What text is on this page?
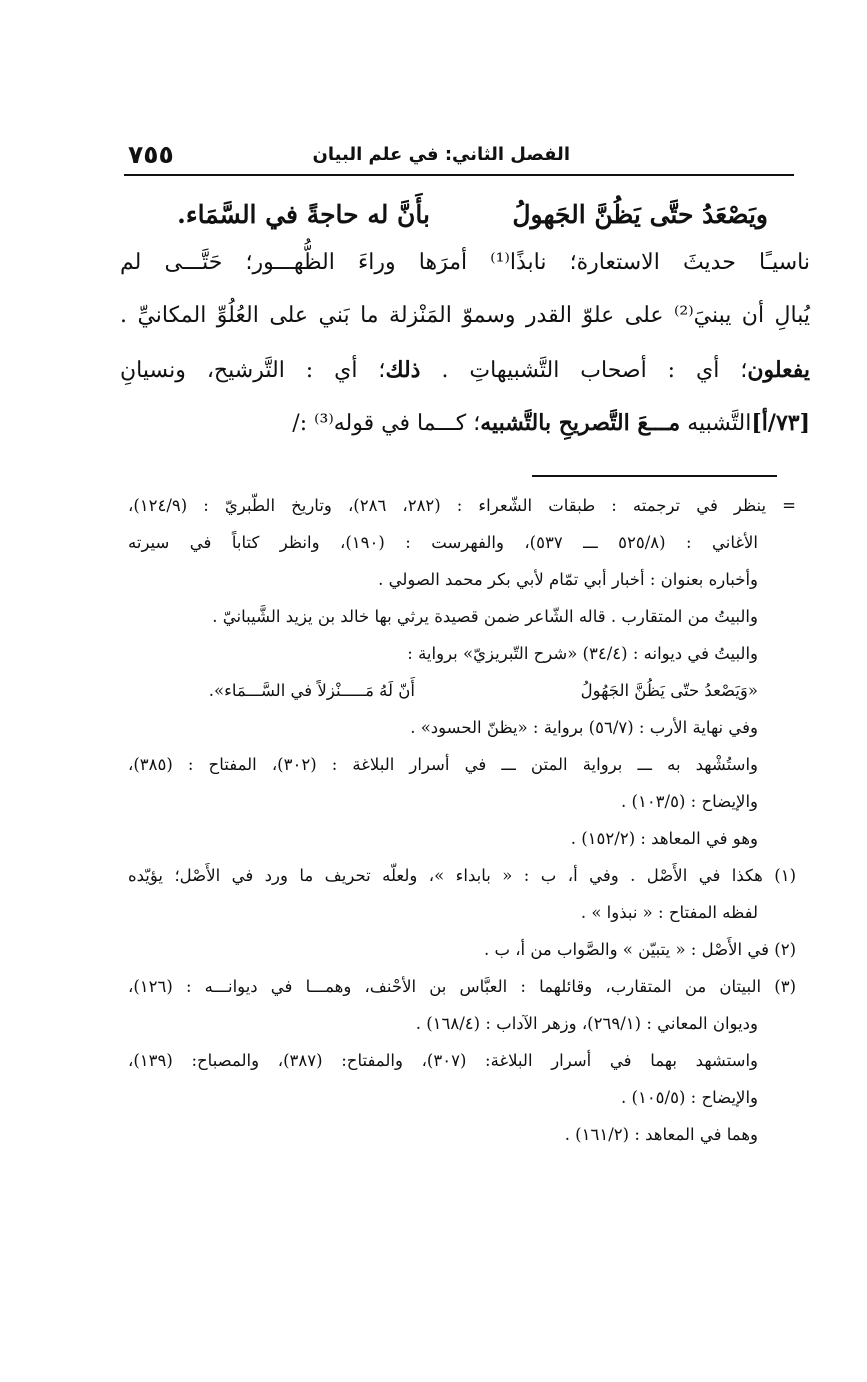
الفصل الثاني: في علم البيان
٧٥٥
ويَصْعَدُ حتَّى يَظُنَّ الجَهولُ
بأَنَّ له حاجةً في السَّمَاء.
ناسيـًا حديثَ الاستعارة؛ نابذًا⁽¹⁾ أمرَها وراءَ الظُّهـــور؛ حَتَّـــى لم
يُبالِ أن يبنيَ⁽²⁾ على علوّ القدر وسموّ المَنْزلة ما بَني على العُلُوِّ المكانيِّ .
يفعلون؛ أي : أصحاب التَّشبيهاتِ . ذلك؛ أي : التَّرشيح، ونسيانِ
[٧٣/أ]التَّشبيه مـــعَ التَّصريحِ بالتَّشبيه؛ كـــما في قوله⁽³⁾ :/
= ينظر في ترجمته : طبقات الشّعراء : (٢٨٢، ٢٨٦)، وتاريخ الطّبريّ : (١٢٤/٩)،
الأغاني : (٥٢٥/٨ ـــ ٥٣٧)، والفهرست : (١٩٠)، وانظر كتاباً في سيرته
وأخباره بعنوان : أخبار أبي تمّام لأبي بكر محمد الصولي .
والبيتُ من المتقارب . قاله الشّاعر ضمن قصيدة يرثي بها خالد بن يزيد الشَّيبانيّ .
والبيتُ في ديوانه : (٣٤/٤) «شرح التّبريزيّ» برواية :
«وَيَصْعدُ حتّى يَظُنَّ الجَهُولُ
أَنّ لَهُ مَـــــنْزلاً في السَّـــمَاء».
وفي نهاية الأرب : (٥٦/٧) برواية : «يظنّ الحسود» .
واستُشْهد به ـــ برواية المتن ـــ في أسرار البلاغة : (٣٠٢)، المفتاح : (٣٨٥)،
والإيضاح : (١٠٣/٥) .
وهو في المعاهد : (١٥٢/٢) .
(١) هكذا في الأَصْل . وفي أ، ب : « بابداء »، ولعلّه تحريف ما ورد في الأَصْل؛ يؤيّده
لفظه المفتاح : « نبذوا » .
(٢) في الأَصْل : « يتبيّن » والصَّواب من أ، ب .
(٣) البيتان من المتقارب، وقائلهما : العبَّاس بن الأحْنف، وهمـــا في ديوانـــه : (١٢٦)،
وديوان المعاني : (٢٦٩/١)، وزهر الآداب : (١٦٨/٤) .
واستشهد بهما في أسرار البلاغة: (٣٠٧)، والمفتاح: (٣٨٧)، والمصباح: (١٣٩)،
والإيضاح : (١٠٥/٥) .
وهما في المعاهد : (١٦١/٢) .
